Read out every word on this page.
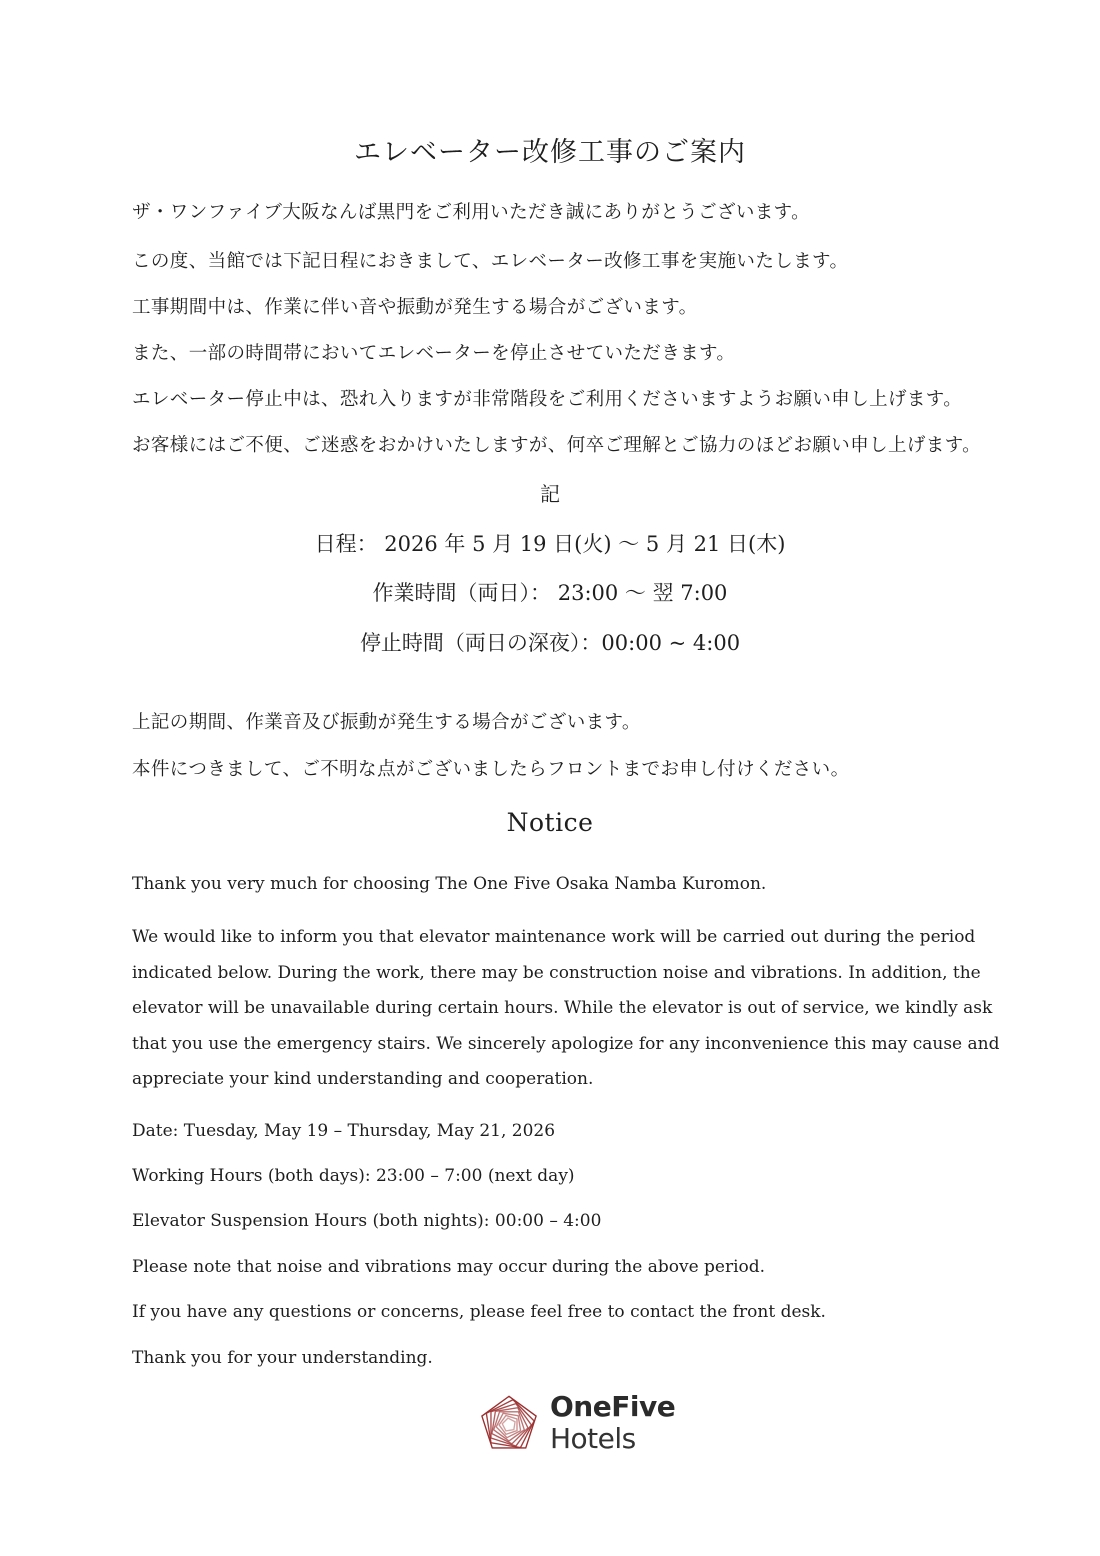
エレベーター改修工事のご案内

ザ・ワンファイブ大阪なんば黒門をご利用いただき誠にありがとうございます。

この度、当館では下記日程におきまして、エレベーター改修工事を実施いたします。

工事期間中は、作業に伴い音や振動が発生する場合がございます。

また、一部の時間帯においてエレベーターを停止させていただきます。

エレベーター停止中は、恐れ入りますが非常階段をご利用くださいますようお願い申し上げます。

お客様にはご不便、ご迷惑をおかけいたしますが、何卒ご理解とご協力のほどお願い申し上げます。

記

日程： 2026 年 5 月 19 日(火) 〜 5 月 21 日(木)

作業時間（両日）： 23:00 〜 翌 7:00

停止時間（両日の深夜）：00:00 ~ 4:00

上記の期間、作業音及び振動が発生する場合がございます。

本件につきまして、ご不明な点がございましたらフロントまでお申し付けください。

Notice

Thank you very much for choosing The One Five Osaka Namba Kuromon.

We would like to inform you that elevator maintenance work will be carried out during the period indicated below. During the work, there may be construction noise and vibrations. In addition, the elevator will be unavailable during certain hours. While the elevator is out of service, we kindly ask that you use the emergency stairs. We sincerely apologize for any inconvenience this may cause and appreciate your kind understanding and cooperation.

Date: Tuesday, May 19 – Thursday, May 21, 2026

Working Hours (both days): 23:00 – 7:00 (next day)

Elevator Suspension Hours (both nights): 00:00 – 4:00

Please note that noise and vibrations may occur during the above period.

If you have any questions or concerns, please feel free to contact the front desk.

Thank you for your understanding.

OneFive
Hotels
